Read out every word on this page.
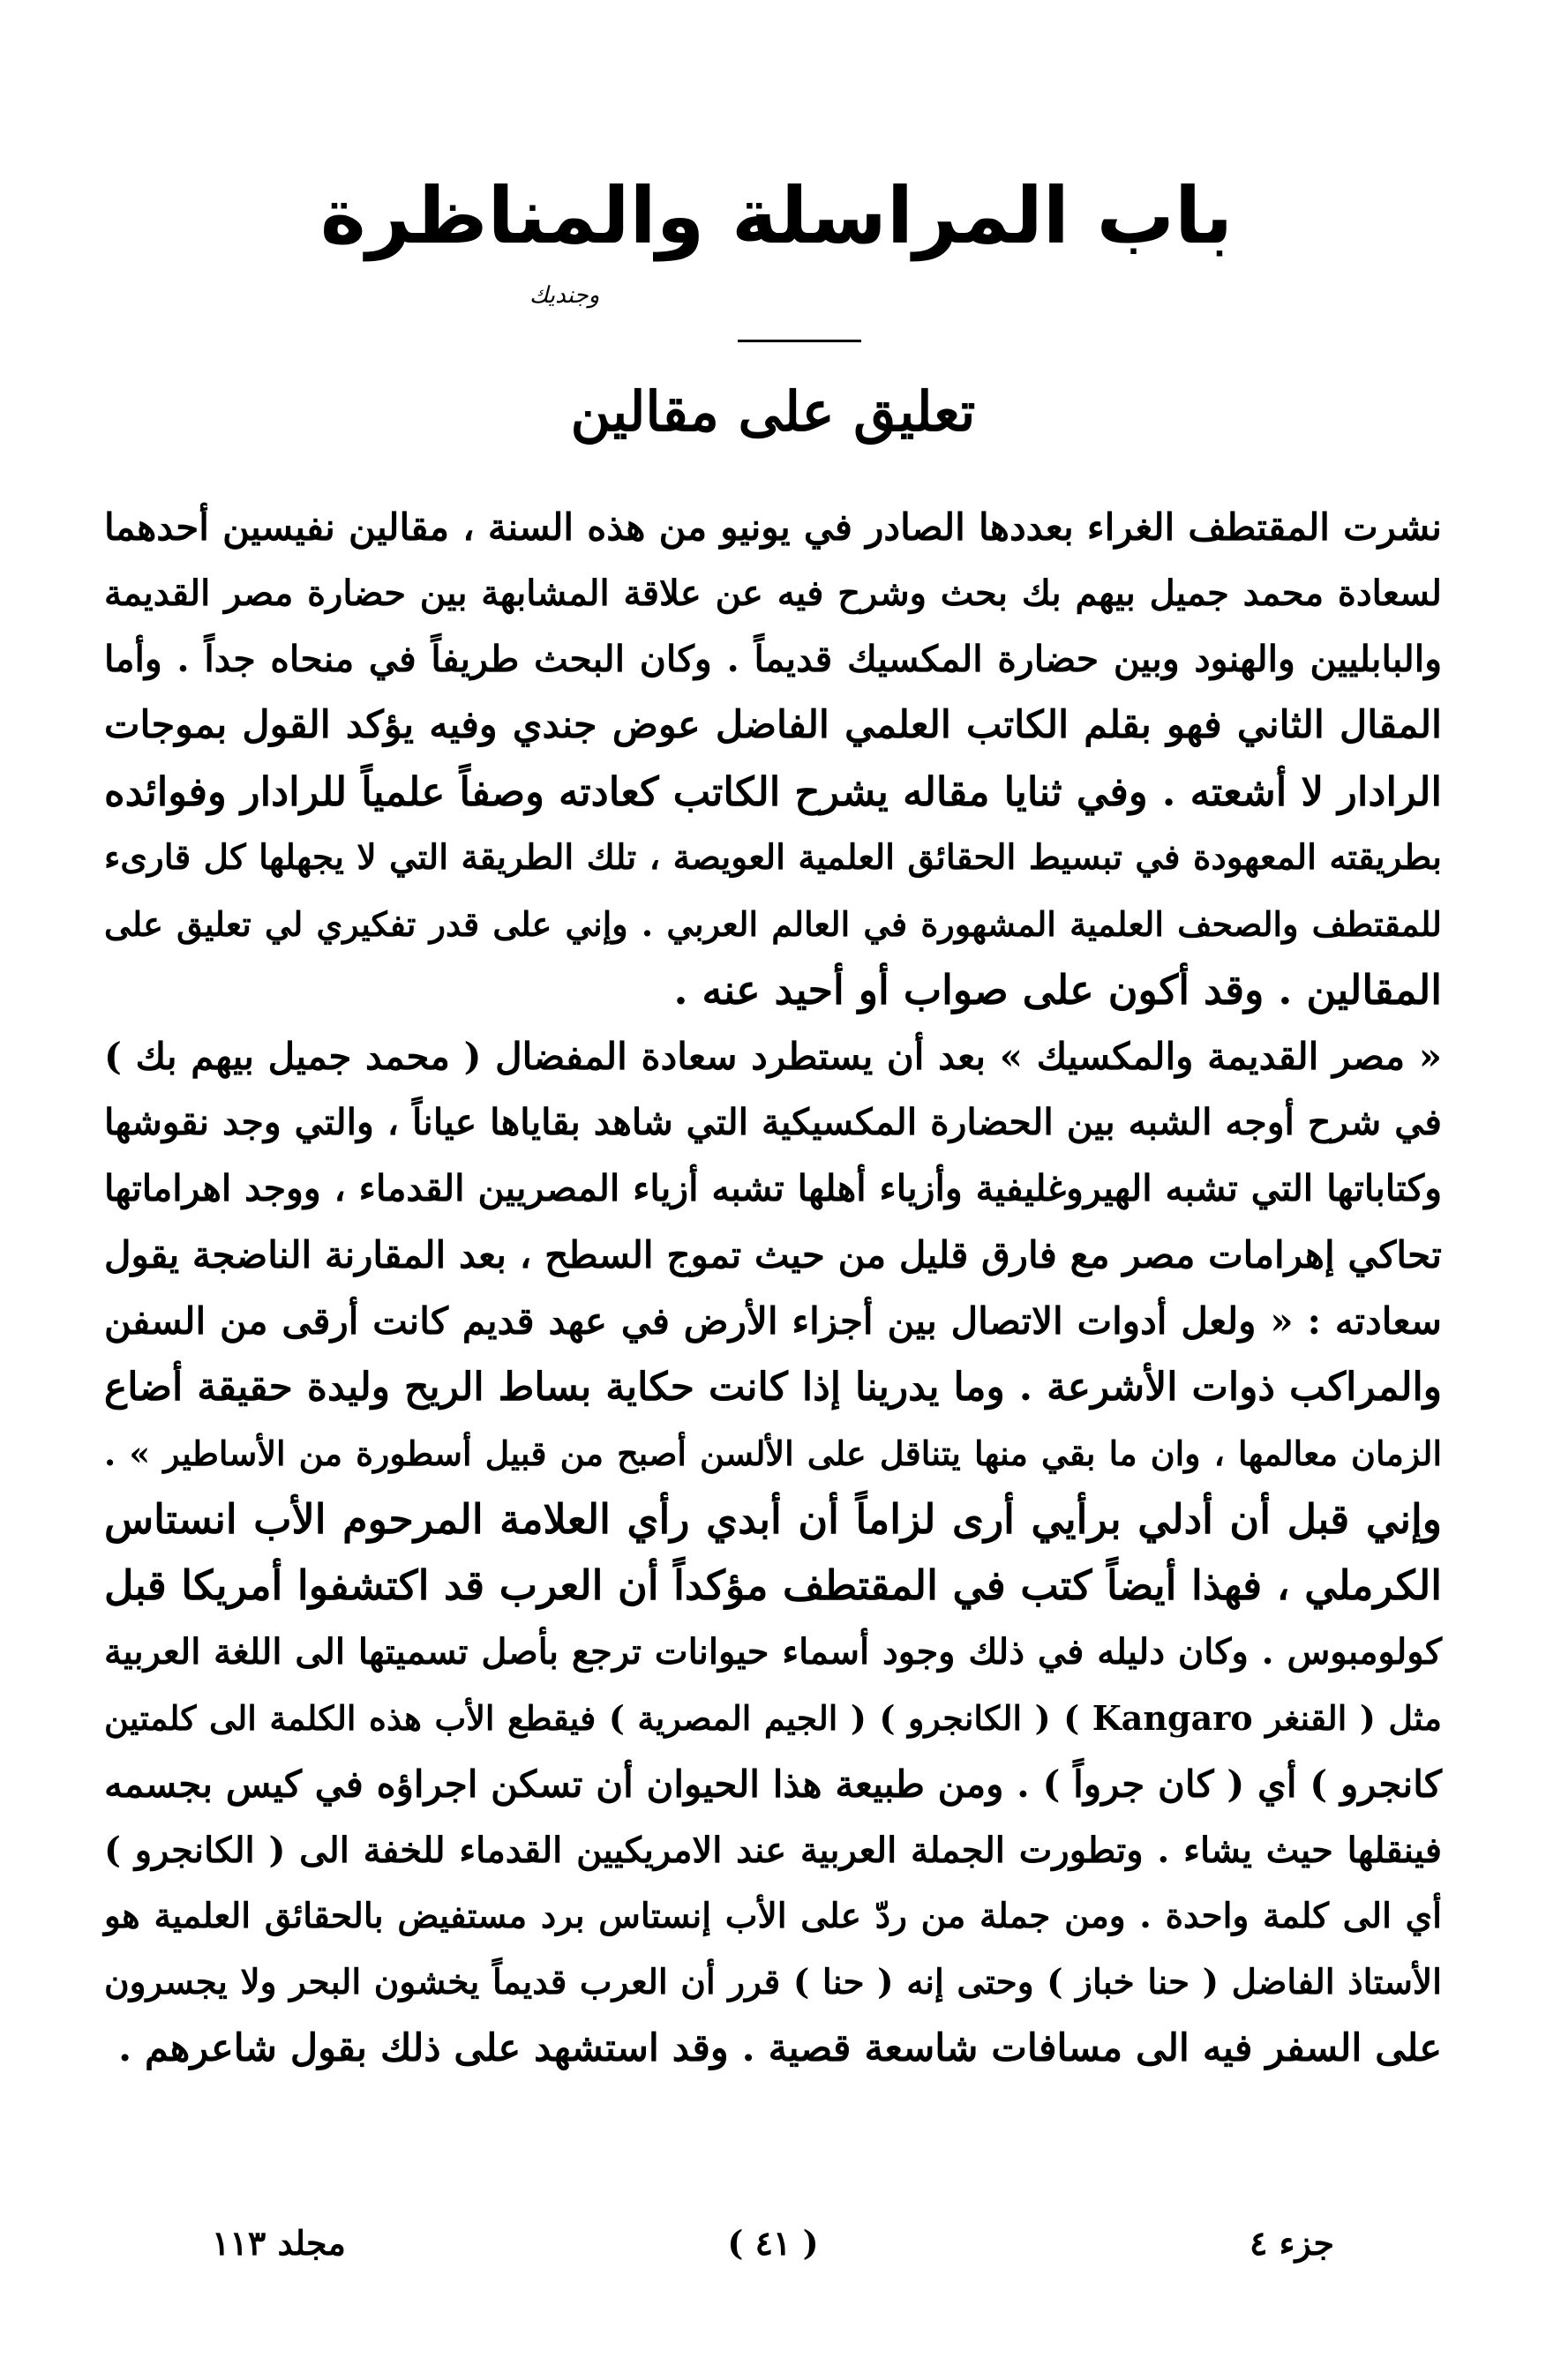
باب المراسلة والمناظرة
وجنديك
تعليق على مقالين
نشرت المقتطف الغراء بعددها الصادر في يونيو من هذه السنة ، مقالين نفيسين أحدهما
لسعادة محمد جميل بيهم بك بحث وشرح فيه عن علاقة المشابهة بين حضارة مصر القديمة
والبابليين والهنود وبين حضارة المكسيك قديماً . وكان البحث طريفاً في منحاه جداً . وأما
المقال الثاني فهو بقلم الكاتب العلمي الفاضل عوض جندي وفيه يؤكد القول بموجات
الرادار لا أشعته . وفي ثنايا مقاله يشرح الكاتب كعادته وصفاً علمياً للرادار وفوائده
بطريقته المعهودة في تبسيط الحقائق العلمية العويصة ، تلك الطريقة التي لا يجهلها كل قارىء
للمقتطف والصحف العلمية المشهورة في العالم العربي . وإني على قدر تفكيري لي تعليق على
المقالين . وقد أكون على صواب أو أحيد عنه .
« مصر القديمة والمكسيك » بعد أن يستطرد سعادة المفضال ( محمد جميل بيهم بك )
في شرح أوجه الشبه بين الحضارة المكسيكية التي شاهد بقاياها عياناً ، والتي وجد نقوشها
وكتاباتها التي تشبه الهيروغليفية وأزياء أهلها تشبه أزياء المصريين القدماء ، ووجد اهراماتها
تحاكي إهرامات مصر مع فارق قليل من حيث تموج السطح ، بعد المقارنة الناضجة يقول
سعادته : « ولعل أدوات الاتصال بين أجزاء الأرض في عهد قديم كانت أرقى من السفن
والمراكب ذوات الأشرعة . وما يدرينا إذا كانت حكاية بساط الريح وليدة حقيقة أضاع
الزمان معالمها ، وان ما بقي منها يتناقل على الألسن أصبح من قبيل أسطورة من الأساطير » .
وإني قبل أن أدلي برأيي أرى لزاماً أن أبدي رأي العلامة المرحوم الأب انستاس
الكرملي ، فهذا أيضاً كتب في المقتطف مؤكداً أن العرب قد اكتشفوا أمريكا قبل
كولومبوس . وكان دليله في ذلك وجود أسماء حيوانات ترجع بأصل تسميتها الى اللغة العربية
مثل ( القنغر Kangaro ) ( الكانجرو ) ( الجيم المصرية ) فيقطع الأب هذه الكلمة الى كلمتين
كانجرو ) أي ( كان جرواً ) . ومن طبيعة هذا الحيوان أن تسكن اجراؤه في كيس بجسمه
فينقلها حيث يشاء . وتطورت الجملة العربية عند الامريكيين القدماء للخفة الى ( الكانجرو )
أي الى كلمة واحدة . ومن جملة من ردّ على الأب إنستاس برد مستفيض بالحقائق العلمية هو
الأستاذ الفاضل ( حنا خباز ) وحتى إنه ( حنا ) قرر أن العرب قديماً يخشون البحر ولا يجسرون
على السفر فيه الى مسافات شاسعة قصية . وقد استشهد على ذلك بقول شاعرهم .
مجلد ١١٣	( ٤١ )	جزء ٤
